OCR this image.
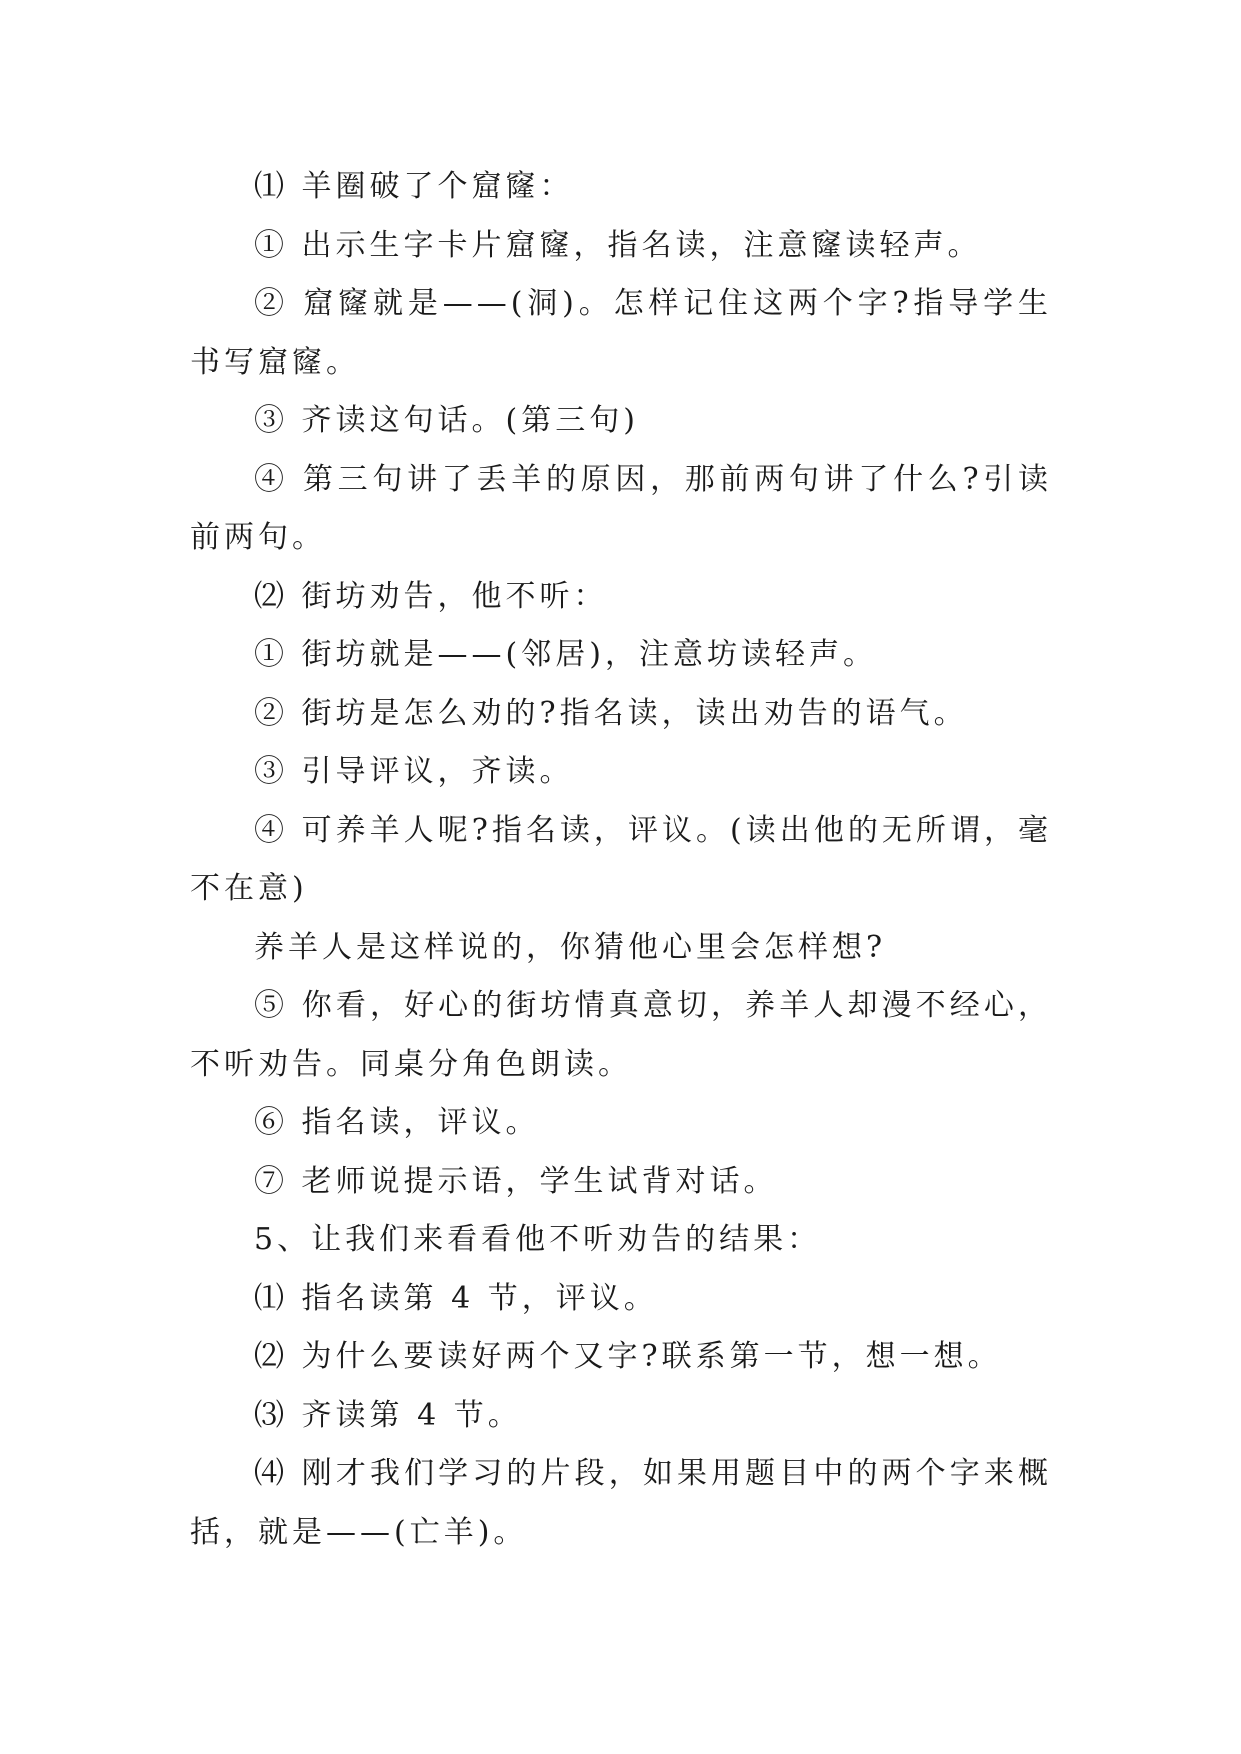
⑴ 羊圈破了个窟窿：

① 出示生字卡片窟窿，指名读，注意窿读轻声。

② 窟窿就是——(洞)。怎样记住这两个字?指导学生书写窟窿。

③ 齐读这句话。(第三句)

④ 第三句讲了丢羊的原因，那前两句讲了什么?引读前两句。

⑵ 街坊劝告，他不听：

① 街坊就是——(邻居)，注意坊读轻声。

② 街坊是怎么劝的?指名读，读出劝告的语气。

③ 引导评议，齐读。

④ 可养羊人呢?指名读，评议。(读出他的无所谓，毫不在意)

养羊人是这样说的，你猜他心里会怎样想?

⑤ 你看，好心的街坊情真意切，养羊人却漫不经心，不听劝告。同桌分角色朗读。

⑥ 指名读，评议。

⑦ 老师说提示语，学生试背对话。

5、让我们来看看他不听劝告的结果：

⑴ 指名读第 4 节，评议。

⑵ 为什么要读好两个又字?联系第一节，想一想。

⑶ 齐读第 4 节。

⑷ 刚才我们学习的片段，如果用题目中的两个字来概括，就是——(亡羊)。
